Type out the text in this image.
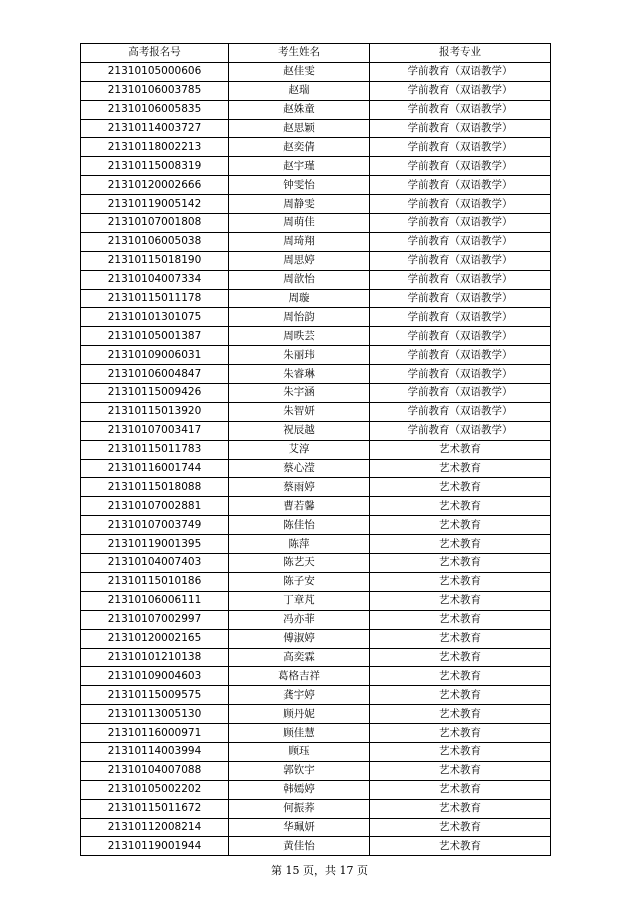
高考报名号	考生姓名	报考专业
21310105000606	赵佳雯	学前教育（双语教学）
21310106003785	赵瑞	学前教育（双语教学）
21310106005835	赵姝童	学前教育（双语教学）
21310114003727	赵思颖	学前教育（双语教学）
21310118002213	赵奕倩	学前教育（双语教学）
21310115008319	赵宇瑾	学前教育（双语教学）
21310120002666	钟雯怡	学前教育（双语教学）
21310119005142	周静雯	学前教育（双语教学）
21310107001808	周萌佳	学前教育（双语教学）
21310106005038	周琦翔	学前教育（双语教学）
21310115018190	周思婷	学前教育（双语教学）
21310104007334	周歆怡	学前教育（双语教学）
21310115011178	周璇	学前教育（双语教学）
21310101301075	周怡韵	学前教育（双语教学）
21310105001387	周昳芸	学前教育（双语教学）
21310109006031	朱丽玮	学前教育（双语教学）
21310106004847	朱睿琳	学前教育（双语教学）
21310115009426	朱宇涵	学前教育（双语教学）
21310115013920	朱智妍	学前教育（双语教学）
21310107003417	祝辰越	学前教育（双语教学）
21310115011783	艾淳	艺术教育
21310116001744	蔡心滢	艺术教育
21310115018088	蔡雨婷	艺术教育
21310107002881	曹若馨	艺术教育
21310107003749	陈佳怡	艺术教育
21310119001395	陈萍	艺术教育
21310104007403	陈艺天	艺术教育
21310115010186	陈子安	艺术教育
21310106006111	丁章芃	艺术教育
21310107002997	冯亦菲	艺术教育
21310120002165	傅淑婷	艺术教育
21310101210138	高奕霖	艺术教育
21310109004603	葛格吉祥	艺术教育
21310115009575	龚宇婷	艺术教育
21310113005130	顾丹妮	艺术教育
21310116000971	顾佳慧	艺术教育
21310114003994	顾珏	艺术教育
21310104007088	郭钦宇	艺术教育
21310105002202	韩嫣婷	艺术教育
21310115011672	何振荞	艺术教育
21310112008214	华珮妍	艺术教育
21310119001944	黄佳怡	艺术教育
第 15 页，共 17 页
